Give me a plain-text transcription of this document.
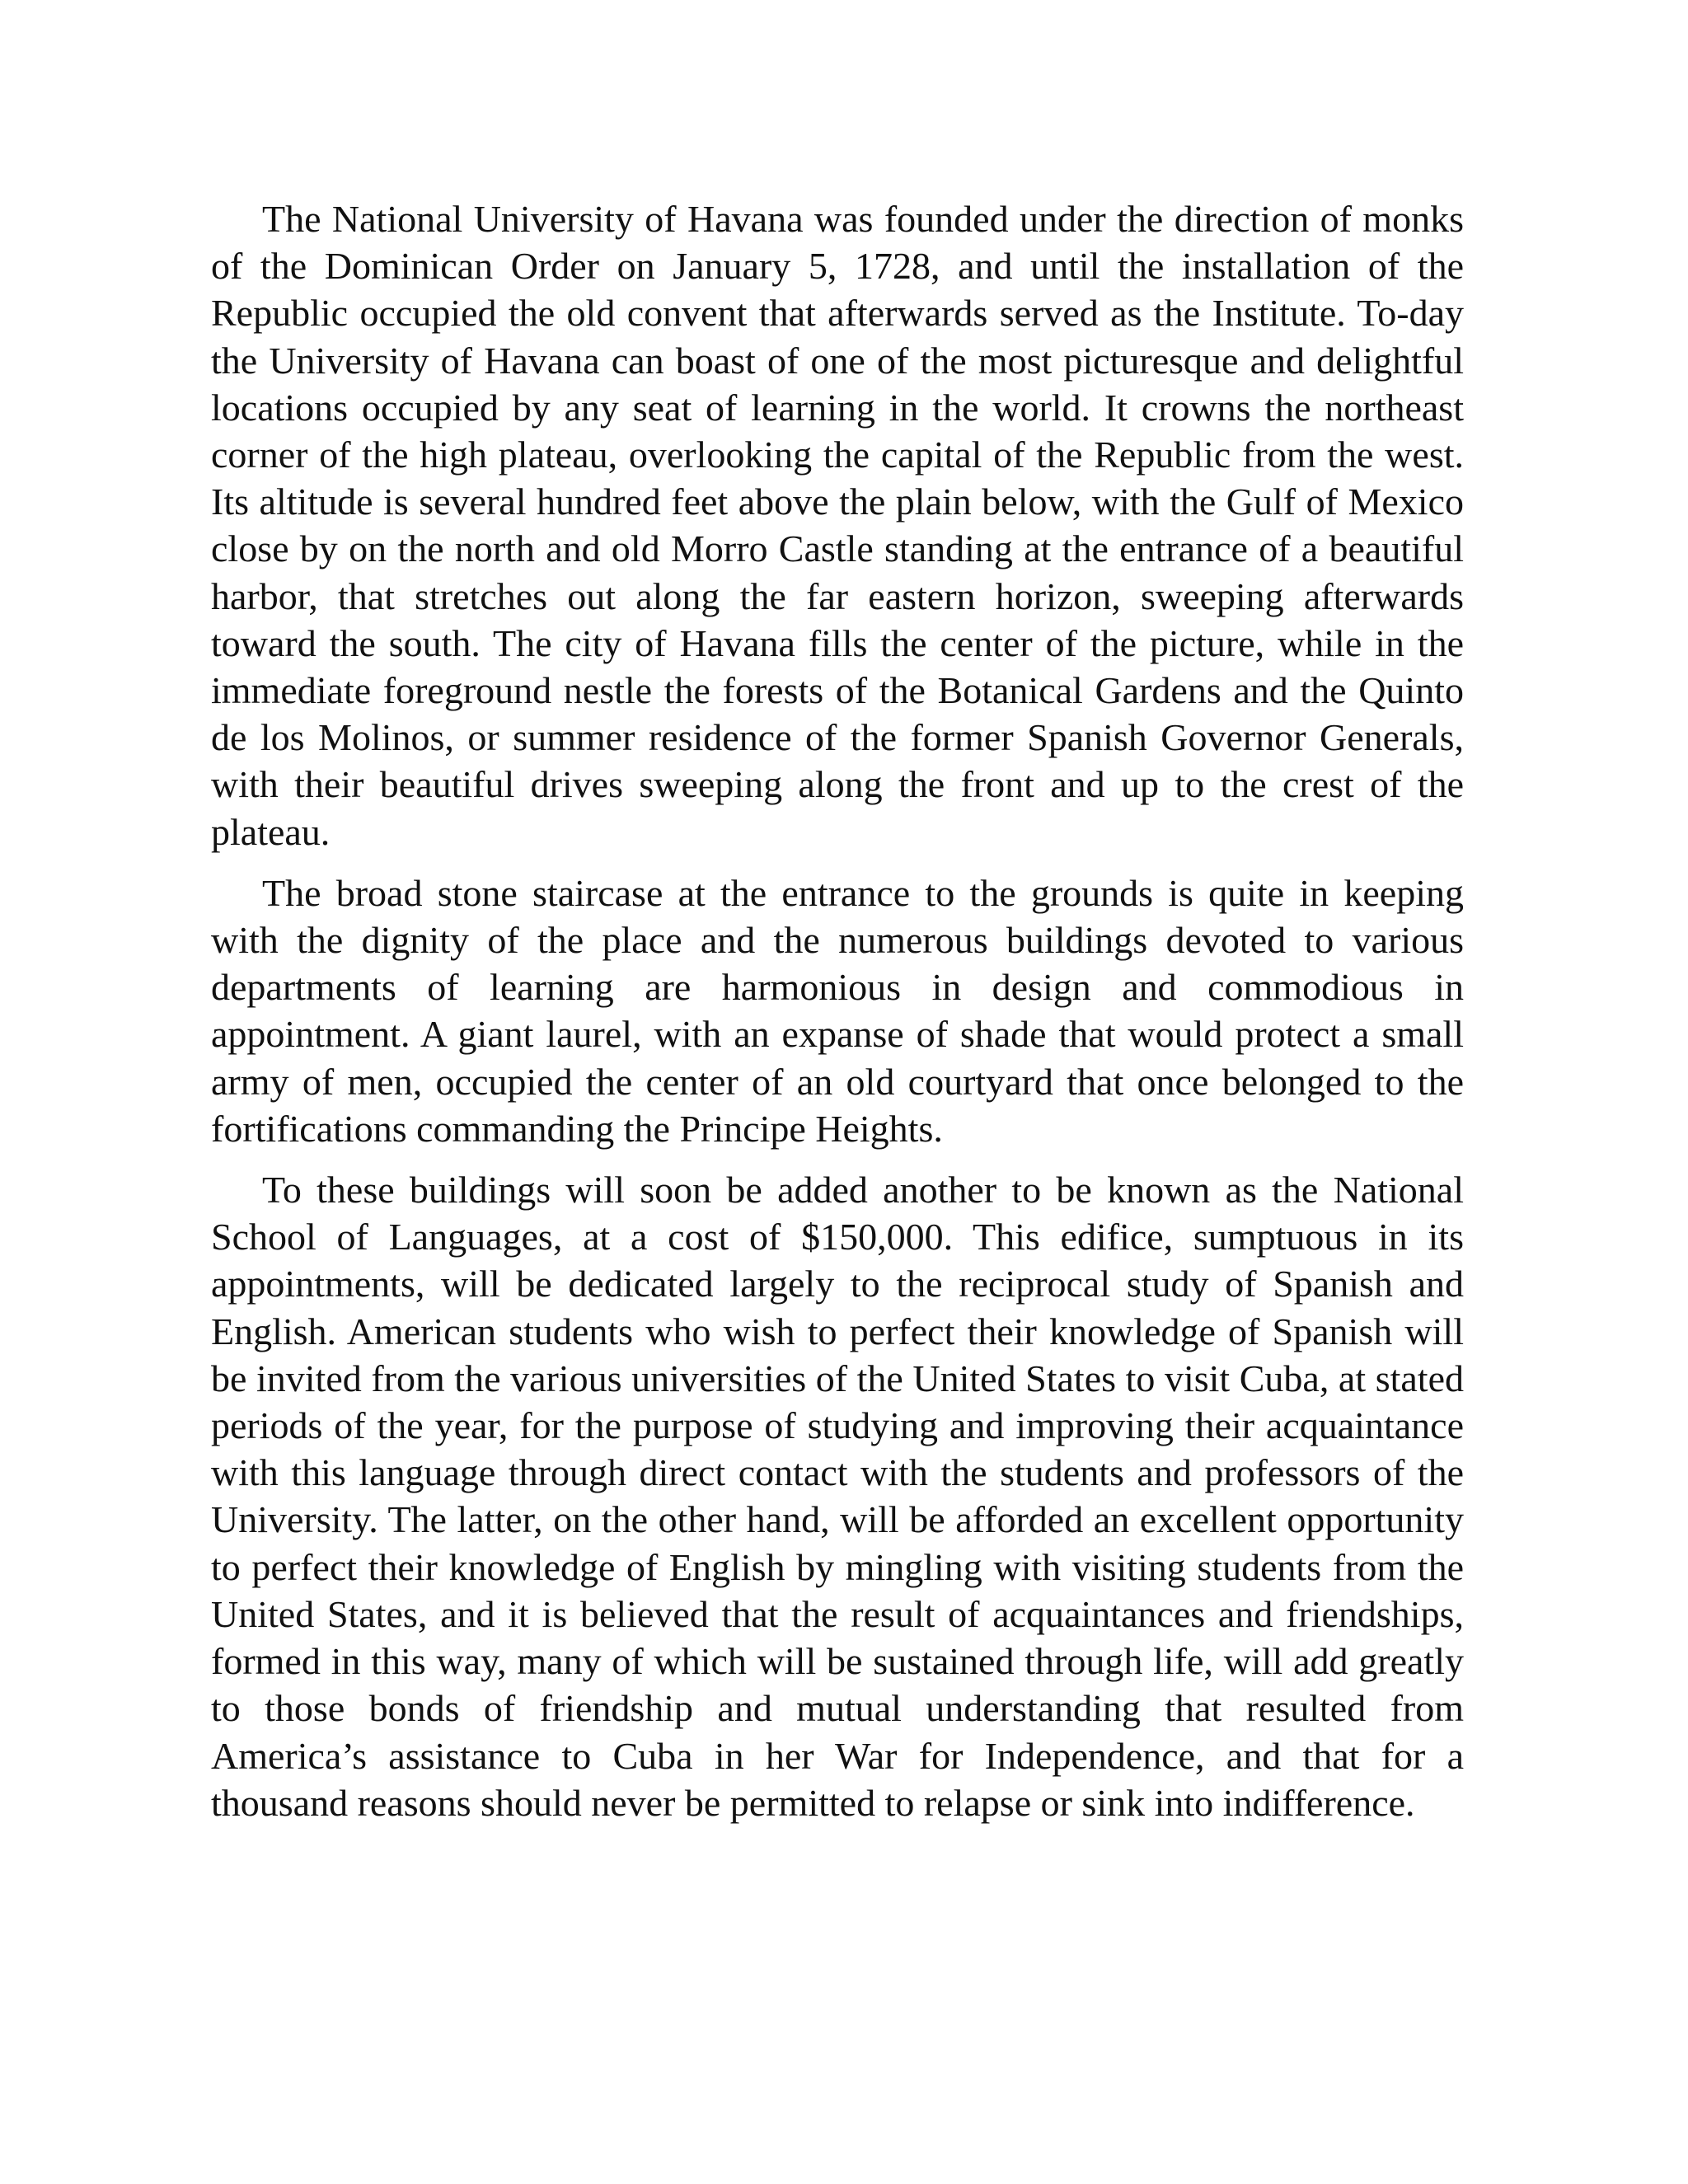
The National University of Havana was founded under the direction of monks of the Dominican Order on January 5, 1728, and until the installation of the Republic occupied the old convent that afterwards served as the Institute. To-day the University of Havana can boast of one of the most picturesque and delightful locations occupied by any seat of learning in the world. It crowns the northeast corner of the high plateau, overlooking the capital of the Republic from the west. Its altitude is several hundred feet above the plain below, with the Gulf of Mexico close by on the north and old Morro Castle standing at the entrance of a beautiful harbor, that stretches out along the far eastern horizon, sweeping afterwards toward the south. The city of Havana fills the center of the picture, while in the immediate foreground nestle the forests of the Botanical Gardens and the Quinto de los Molinos, or summer residence of the former Spanish Governor Generals, with their beautiful drives sweeping along the front and up to the crest of the plateau.

The broad stone staircase at the entrance to the grounds is quite in keeping with the dignity of the place and the numerous buildings devoted to various departments of learning are harmonious in design and commodious in appointment. A giant laurel, with an expanse of shade that would protect a small army of men, occupied the center of an old courtyard that once belonged to the fortifications commanding the Principe Heights.

To these buildings will soon be added another to be known as the National School of Languages, at a cost of $150,000. This edifice, sumptuous in its appointments, will be dedicated largely to the reciprocal study of Spanish and English. American students who wish to perfect their knowledge of Spanish will be invited from the various universities of the United States to visit Cuba, at stated periods of the year, for the purpose of studying and improving their acquaintance with this language through direct contact with the students and professors of the University. The latter, on the other hand, will be afforded an excellent opportunity to perfect their knowledge of English by mingling with visiting students from the United States, and it is believed that the result of acquaintances and friendships, formed in this way, many of which will be sustained through life, will add greatly to those bonds of friendship and mutual understanding that resulted from America’s assistance to Cuba in her War for Independence, and that for a thousand reasons should never be permitted to relapse or sink into indifference.
